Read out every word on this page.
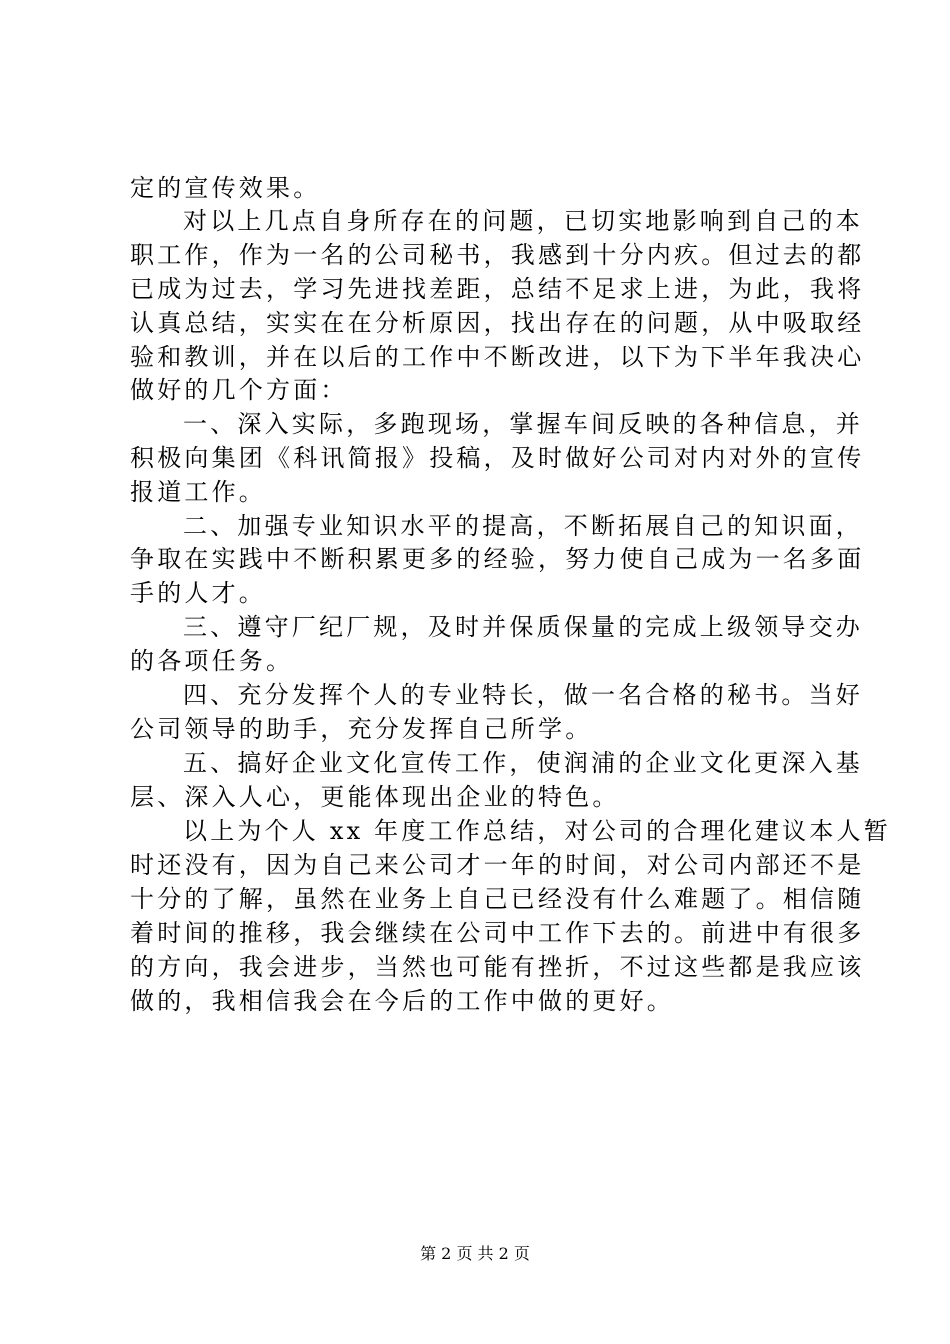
定的宣传效果。
对以上几点自身所存在的问题，已切实地影响到自己的本
职工作，作为一名的公司秘书，我感到十分内疚。但过去的都
已成为过去，学习先进找差距，总结不足求上进，为此，我将
认真总结，实实在在分析原因，找出存在的问题，从中吸取经
验和教训，并在以后的工作中不断改进，以下为下半年我决心
做好的几个方面：
一、深入实际，多跑现场，掌握车间反映的各种信息，并
积极向集团《科讯简报》投稿，及时做好公司对内对外的宣传
报道工作。
二、加强专业知识水平的提高，不断拓展自己的知识面，
争取在实践中不断积累更多的经验，努力使自己成为一名多面
手的人才。
三、遵守厂纪厂规，及时并保质保量的完成上级领导交办
的各项任务。
四、充分发挥个人的专业特长，做一名合格的秘书。当好
公司领导的助手，充分发挥自己所学。
五、搞好企业文化宣传工作，使润浦的企业文化更深入基
层、深入人心，更能体现出企业的特色。
以上为个人 xx 年度工作总结，对公司的合理化建议本人暂
时还没有，因为自己来公司才一年的时间，对公司内部还不是
十分的了解，虽然在业务上自己已经没有什么难题了。相信随
着时间的推移，我会继续在公司中工作下去的。前进中有很多
的方向，我会进步，当然也可能有挫折，不过这些都是我应该
做的，我相信我会在今后的工作中做的更好。
第 2 页 共 2 页
